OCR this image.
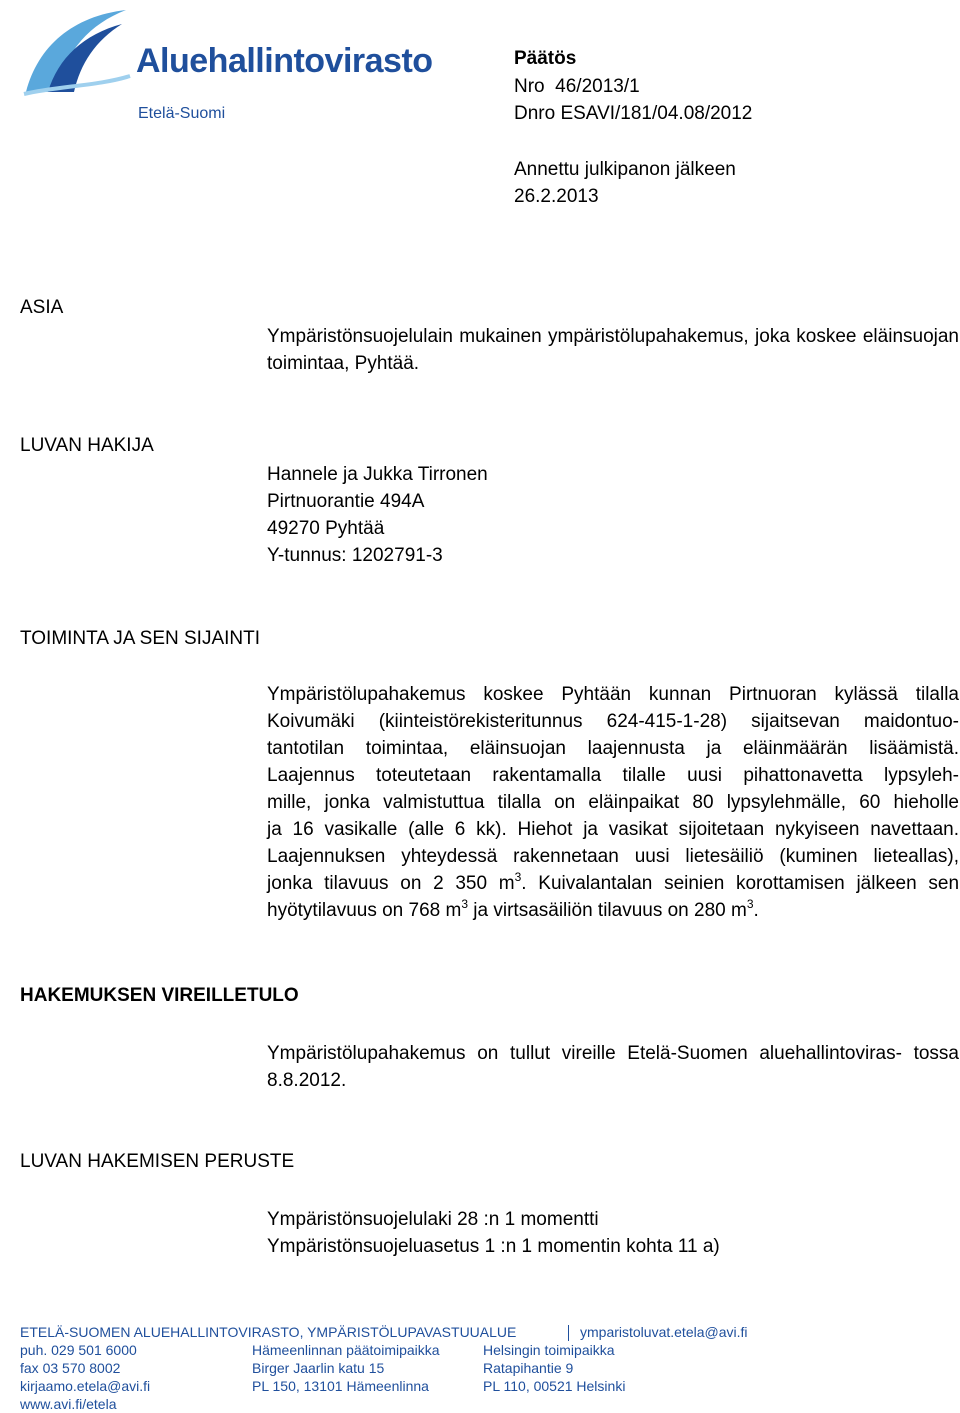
Aluehallintovirasto
Etelä-Suomi
Päätös
Nro  46/2013/1
Dnro ESAVI/181/04.08/2012
Annettu julkipanon jälkeen
26.2.2013
ASIA
Ympäristönsuojelulain mukainen ympäristölupahakemus, joka koskee eläinsuojan toimintaa, Pyhtää.
LUVAN HAKIJA
Hannele ja Jukka Tirronen
Pirtnuorantie 494A
49270 Pyhtää
Y-tunnus: 1202791-3
TOIMINTA JA SEN SIJAINTI
Ympäristölupahakemus koskee Pyhtään kunnan Pirtnuoran kylässä tilalla
Koivumäki (kiinteistörekisteritunnus 624-415-1-28) sijaitsevan maidontuo-
tantotilan toimintaa, eläinsuojan laajennusta ja eläinmäärän lisäämistä.
Laajennus toteutetaan rakentamalla tilalle uusi pihattonavetta lypsyleh-
mille, jonka valmistuttua tilalla on eläinpaikat 80 lypsylehmälle, 60 hieholle
ja 16 vasikalle (alle 6 kk). Hiehot ja vasikat sijoitetaan nykyiseen navettaan.
Laajennuksen yhteydessä rakennetaan uusi lietesäiliö (kuminen lieteallas),
jonka tilavuus on 2 350 $m^3$. Kuivalantalan seinien korottamisen jälkeen sen
hyötytilavuus on 768 $m^3$ ja virtsasäiliön tilavuus on 280 $m^3$.
HAKEMUKSEN VIREILLETULO
Ympäristölupahakemus on tullut vireille Etelä-Suomen aluehallintoviras- tossa 8.8.2012.
LUVAN HAKEMISEN PERUSTE
Ympäristönsuojelulaki 28 :n 1 momentti
Ympäristönsuojeluasetus 1 :n 1 momentin kohta 11 a)
ETELÄ-SUOMEN ALUEHALLINTOVIRASTO, YMPÄRISTÖLUPAVASTUUALUE	ymparistoluvat.etela@avi.fi
puh. 029 501 6000
fax 03 570 8002
kirjaamo.etela@avi.fi
www.avi.fi/etela
Hämeenlinnan päätoimipaikka
Birger Jaarlin katu 15
PL 150, 13101 Hämeenlinna
Helsingin toimipaikka
Ratapihantie 9
PL 110, 00521 Helsinki
